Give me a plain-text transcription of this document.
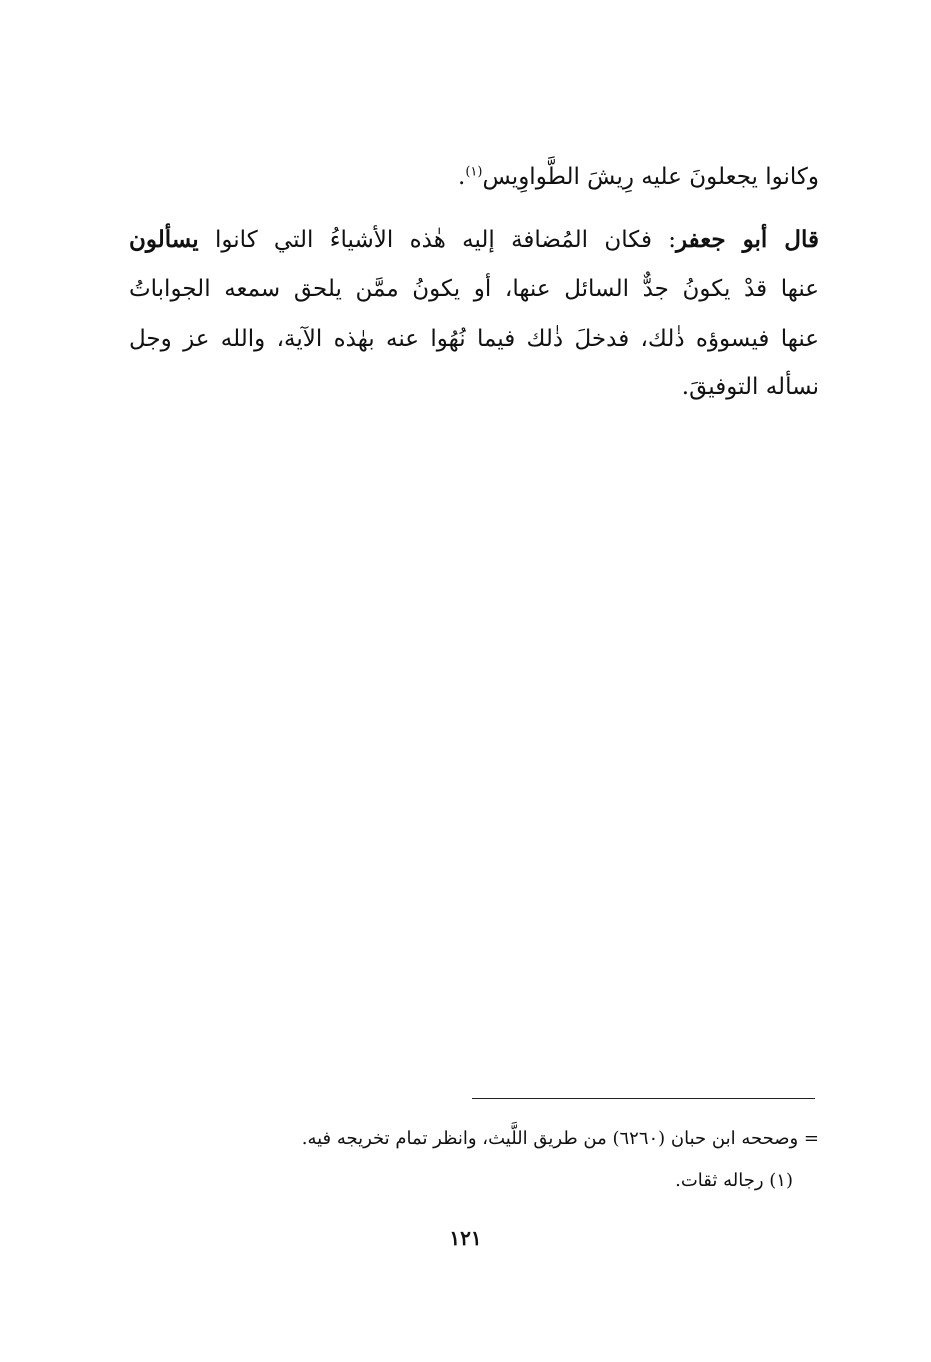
وكانوا يجعلونَ عليه رِيشَ الطَّواوِيس$^{(١)}$.
قال أبو جعفر: فكان المُضافة إليه هٰذه الأشياءُ التي كانوا يسألون
عنها قدْ يكونُ جدٌّ السائل عنها، أو يكونُ ممَّن يلحق سمعه الجواباتُ
عنها فيسوؤه ذٰلك، فدخلَ ذٰلك فيما نُهُوا عنه بهٰذه الآية، والله عز وجل
نسأله التوفيقَ.
= وصححه ابن حبان (٦٢٦٠) من طريق اللَّيث، وانظر تمام تخريجه فيه.
(١) رجاله ثقات.
١٢١
